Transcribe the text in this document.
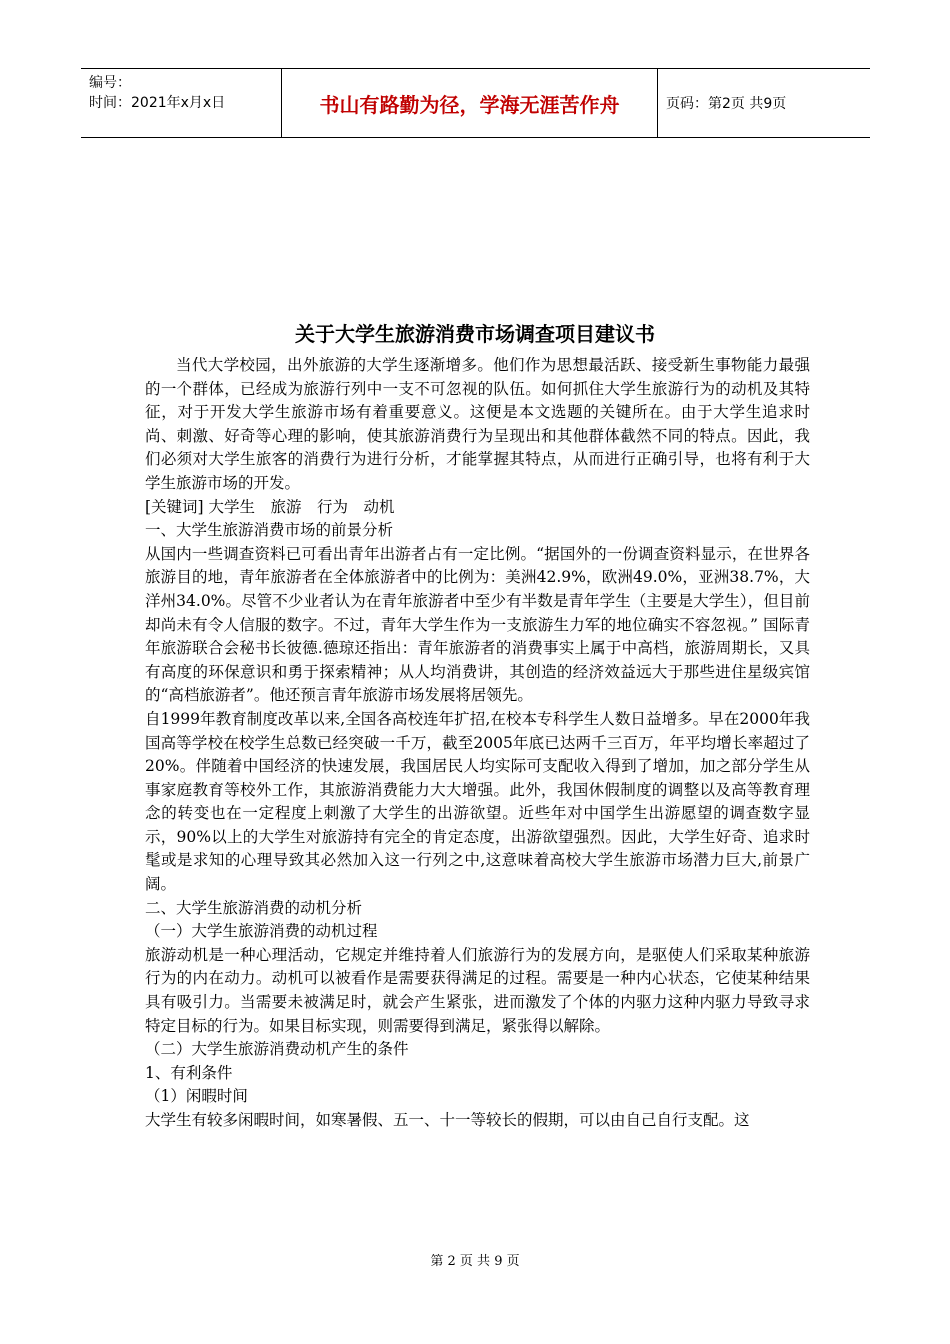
编号：
时间：2021年x月x日	书山有路勤为径，学海无涯苦作舟	页码：第2页 共9页
关于大学生旅游消费市场调查项目建议书

当代大学校园，出外旅游的大学生逐渐增多。他们作为思想最活跃、接受新生事物能力最强的一个群体，已经成为旅游行列中一支不可忽视的队伍。如何抓住大学生旅游行为的动机及其特征，对于开发大学生旅游市场有着重要意义。这便是本文选题的关键所在。由于大学生追求时尚、刺激、好奇等心理的影响，使其旅游消费行为呈现出和其他群体截然不同的特点。因此，我们必须对大学生旅客的消费行为进行分析，才能掌握其特点，从而进行正确引导，也将有利于大学生旅游市场的开发。

[关键词] 大学生　旅游　行为　动机

一、大学生旅游消费市场的前景分析

从国内一些调查资料已可看出青年出游者占有一定比例。“据国外的一份调查资料显示，在世界各旅游目的地，青年旅游者在全体旅游者中的比例为：美洲42.9%，欧洲49.0%，亚洲38.7%，大洋州34.0%。尽管不少业者认为在青年旅游者中至少有半数是青年学生（主要是大学生），但目前却尚未有令人信服的数字。不过，青年大学生作为一支旅游生力军的地位确实不容忽视。” 国际青年旅游联合会秘书长彼德.德琼还指出：青年旅游者的消费事实上属于中高档，旅游周期长，又具有高度的环保意识和勇于探索精神；从人均消费讲，其创造的经济效益远大于那些进住星级宾馆的“高档旅游者”。他还预言青年旅游市场发展将居领先。

自1999年教育制度改革以来,全国各高校连年扩招,在校本专科学生人数日益增多。早在2000年我国高等学校在校学生总数已经突破一千万，截至2005年底已达两千三百万，年平均增长率超过了20%。伴随着中国经济的快速发展，我国居民人均实际可支配收入得到了增加，加之部分学生从事家庭教育等校外工作，其旅游消费能力大大增强。此外，我国休假制度的调整以及高等教育理念的转变也在一定程度上刺激了大学生的出游欲望。近些年对中国学生出游愿望的调查数字显示，90%以上的大学生对旅游持有完全的肯定态度，出游欲望强烈。因此，大学生好奇、追求时髦或是求知的心理导致其必然加入这一行列之中,这意味着高校大学生旅游市场潜力巨大,前景广阔。

二、大学生旅游消费的动机分析

（一）大学生旅游消费的动机过程

旅游动机是一种心理活动，它规定并维持着人们旅游行为的发展方向，是驱使人们采取某种旅游行为的内在动力。动机可以被看作是需要获得满足的过程。需要是一种内心状态，它使某种结果具有吸引力。当需要未被满足时，就会产生紧张，进而激发了个体的内驱力这种内驱力导致寻求特定目标的行为。如果目标实现，则需要得到满足，紧张得以解除。

（二）大学生旅游消费动机产生的条件

1、有利条件

（1）闲暇时间

大学生有较多闲暇时间，如寒暑假、五一、十一等较长的假期，可以由自己自行支配。这

第 2 页 共 9 页
